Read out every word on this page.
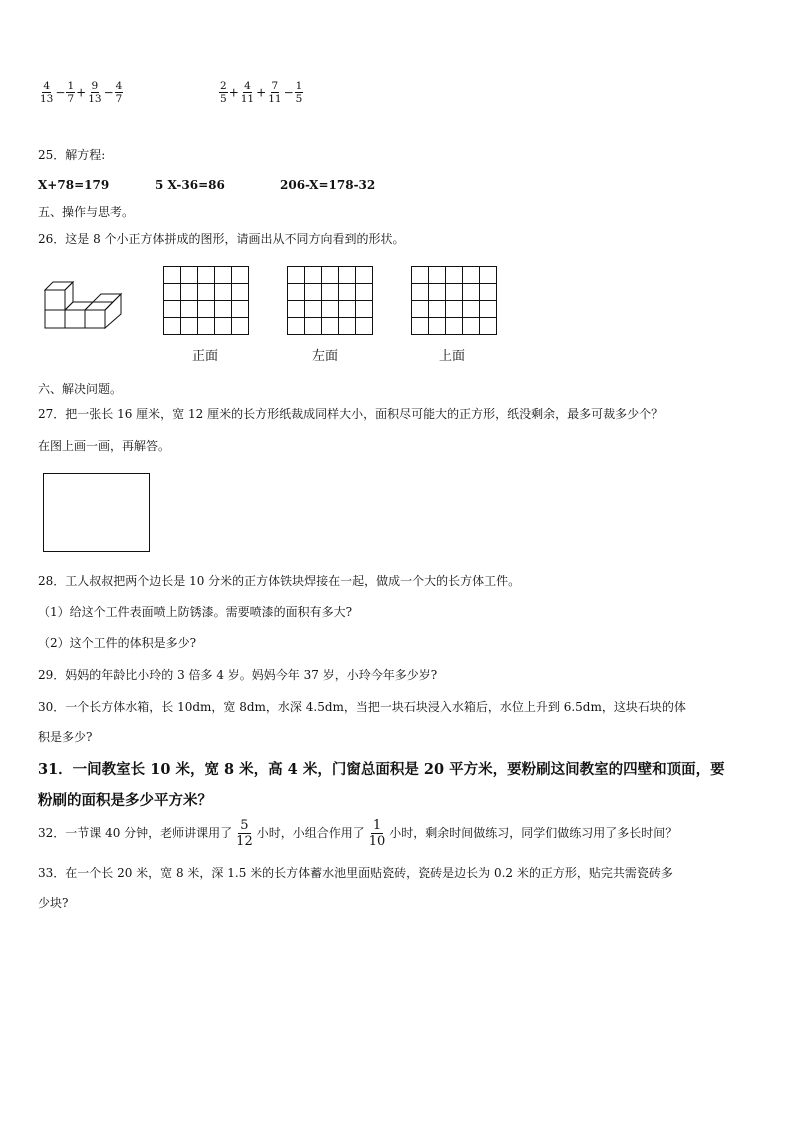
$\frac{4}{13} - \frac{1}{7} + \frac{9}{13} - \frac{4}{7}$	$\frac{2}{5} + \frac{4}{11} + \frac{7}{11} - \frac{1}{5}$
25．解方程:
X+78=179	5 X-36=86	206-X=178-32
五、操作与思考。
26．这是 8 个小正方体拼成的图形，请画出从不同方向看到的形状。
正面	左面	上面
六、解决问题。
27．把一张长 16 厘米，宽 12 厘米的长方形纸裁成同样大小，面积尽可能大的正方形，纸没剩余，最多可裁多少个？
在图上画一画，再解答。
28．工人叔叔把两个边长是 10 分米的正方体铁块焊接在一起，做成一个大的长方体工件。
（1）给这个工件表面喷上防锈漆。需要喷漆的面积有多大?
（2）这个工件的体积是多少?
29．妈妈的年龄比小玲的 3 倍多 4 岁。妈妈今年 37 岁，小玲今年多少岁?
30．一个长方体水箱，长 10dm，宽 8dm，水深 4.5dm，当把一块石块浸入水箱后，水位上升到 6.5dm，这块石块的体
积是多少?
31．一间教室长 10 米，宽 8 米，高 4 米，门窗总面积是 20 平方米，要粉刷这间教室的四壁和顶面，要
粉刷的面积是多少平方米？
32．一节课 40 分钟，老师讲课用了 $\frac{5}{12}$ 小时，小组合作用了 $\frac{1}{10}$ 小时，剩余时间做练习，同学们做练习用了多长时间？
33．在一个长 20 米，宽 8 米，深 1.5 米的长方体蓄水池里面贴瓷砖，瓷砖是边长为 0.2 米的正方形，贴完共需瓷砖多
少块?
